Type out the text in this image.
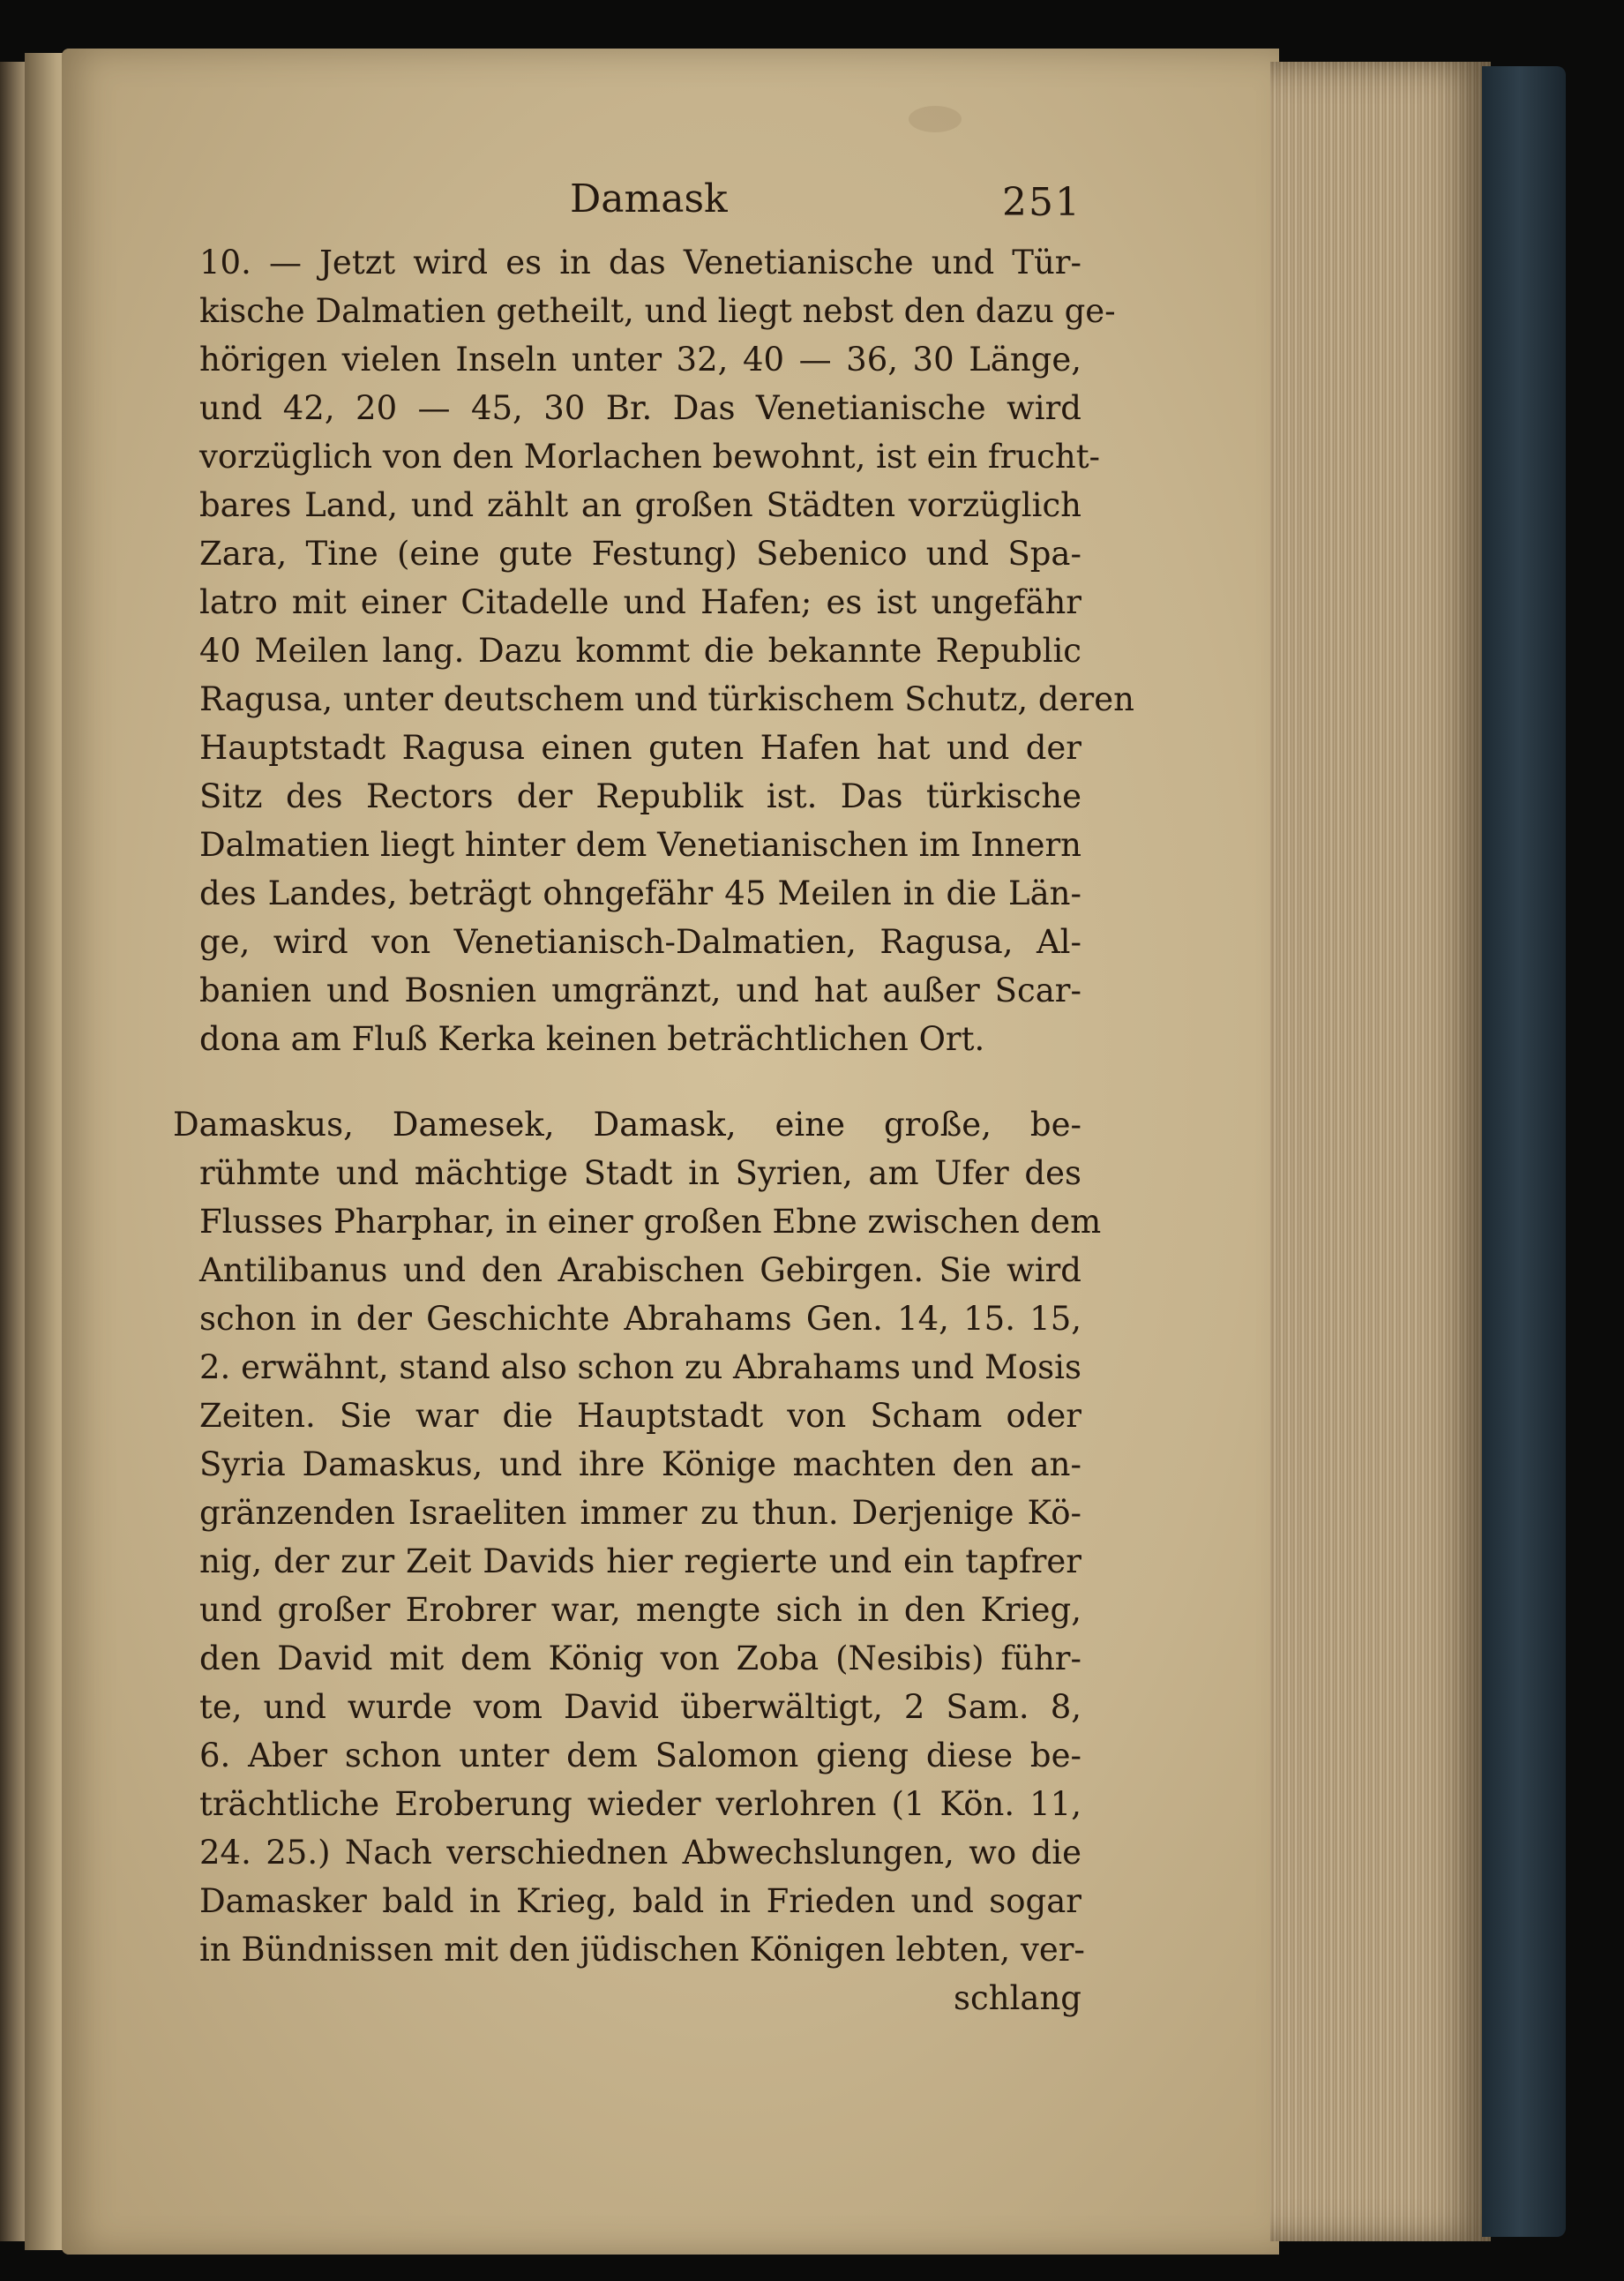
Damask	251
10. — Jetzt wird es in das Venetianische und Tür-
kische Dalmatien getheilt, und liegt nebst den dazu ge-
hörigen vielen Inseln unter 32, 40 — 36, 30 Länge,
und 42, 20 — 45, 30 Br. Das Venetianische wird
vorzüglich von den Morlachen bewohnt, ist ein frucht-
bares Land, und zählt an großen Städten vorzüglich
Zara, Tine (eine gute Festung) Sebenico und Spa-
latro mit einer Citadelle und Hafen; es ist ungefähr
40 Meilen lang. Dazu kommt die bekannte Republic
Ragusa, unter deutschem und türkischem Schutz, deren
Hauptstadt Ragusa einen guten Hafen hat und der
Sitz des Rectors der Republik ist. Das türkische
Dalmatien liegt hinter dem Venetianischen im Innern
des Landes, beträgt ohngefähr 45 Meilen in die Län-
ge, wird von Venetianisch-Dalmatien, Ragusa, Al-
banien und Bosnien umgränzt, und hat außer Scar-
dona am Fluß Kerka keinen beträchtlichen Ort.
Damaskus, Damesek, Damask, eine große, be-
rühmte und mächtige Stadt in Syrien, am Ufer des
Flusses Pharphar, in einer großen Ebne zwischen dem
Antilibanus und den Arabischen Gebirgen. Sie wird
schon in der Geschichte Abrahams Gen. 14, 15. 15,
2. erwähnt, stand also schon zu Abrahams und Mosis
Zeiten. Sie war die Hauptstadt von Scham oder
Syria Damaskus, und ihre Könige machten den an-
gränzenden Israeliten immer zu thun. Derjenige Kö-
nig, der zur Zeit Davids hier regierte und ein tapfrer
und großer Erobrer war, mengte sich in den Krieg,
den David mit dem König von Zoba (Nesibis) führ-
te, und wurde vom David überwältigt, 2 Sam. 8,
6. Aber schon unter dem Salomon gieng diese be-
trächtliche Eroberung wieder verlohren (1 Kön. 11,
24. 25.) Nach verschiednen Abwechslungen, wo die
Damasker bald in Krieg, bald in Frieden und sogar
in Bündnissen mit den jüdischen Königen lebten, ver-
schlang
